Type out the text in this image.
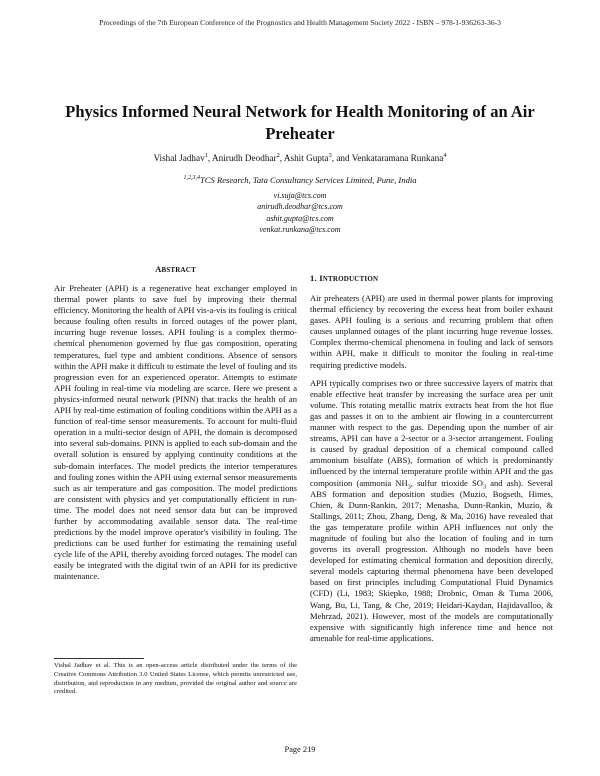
Proceedings of the 7th European Conference of the Prognostics and Health Management Society 2022 - ISBN – 978-1-936263-36-3
Physics Informed Neural Network for Health Monitoring of an Air Preheater
Vishal Jadhav$^1$, Anirudh Deodhar$^2$, Ashit Gupta$^3$, and Venkataramana Runkana$^4$
$^{1,2,3,4}$TCS Research, Tata Consultancy Services Limited, Pune, India
vi.suja@tcs.com
anirudh.deodhar@tcs.com
ashit.gupta@tcs.com
venkat.runkana@tcs.com
ABSTRACT

Air Preheater (APH) is a regenerative heat exchanger employed in thermal power plants to save fuel by improving their thermal efficiency. Monitoring the health of APH vis-a-vis its fouling is critical because fouling often results in forced outages of the power plant, incurring huge revenue losses. APH fouling is a complex thermo-chemical phenomenon governed by flue gas composition, operating temperatures, fuel type and ambient conditions. Absence of sensors within the APH make it difficult to estimate the level of fouling and its progression even for an experienced operator. Attempts to estimate APH fouling in real-time via modeling are scarce. Here we present a physics-informed neural network (PINN) that tracks the health of an APH by real-time estimation of fouling conditions within the APH as a function of real-time sensor measurements. To account for multi-fluid operation in a multi-sector design of APH, the domain is decomposed into several sub-domains. PINN is applied to each sub-domain and the overall solution is ensured by applying continuity conditions at the sub-domain interfaces. The model predicts the interior temperatures and fouling zones within the APH using external sensor measurements such as air temperature and gas composition. The model predictions are consistent with physics and yet computationally efficient in run-time. The model does not need sensor data but can be improved further by accommodating available sensor data. The real-time predictions by the model improve operator's visibility in fouling. The predictions can be used further for estimating the remaining useful cycle life of the APH, thereby avoiding forced outages. The model can easily be integrated with the digital twin of an APH for its predictive maintenance.

Vishal Jadhav et al. This is an open-access article distributed under the terms of the Creative Commons Attribution 3.0 United States License, which permits unrestricted use, distribution, and reproduction in any medium, provided the original author and source are credited.
1. INTRODUCTION

Air preheaters (APH) are used in thermal power plants for improving thermal efficiency by recovering the excess heat from boiler exhaust gases. APH fouling is a serious and recurring problem that often causes unplanned outages of the plant incurring huge revenue losses. Complex thermo-chemical phenomena in fouling and lack of sensors within APH, make it difficult to monitor the fouling in real-time requiring predictive models.

APH typically comprises two or three successive layers of matrix that enable effective heat transfer by increasing the surface area per unit volume. This rotating metallic matrix extracts heat from the hot flue gas and passes it on to the ambient air flowing in a countercurrent manner with respect to the gas. Depending upon the number of air streams, APH can have a 2-sector or a 3-sector arrangement. Fouling is caused by gradual deposition of a chemical compound called ammonium bisulfate (ABS), formation of which is predominantly influenced by the internal temperature profile within APH and the gas composition (ammonia $NH_3$, sulfur trioxide $SO_3$ and ash). Several ABS formation and deposition studies (Muzio, Bogseth, Himes, Chien, & Dunn-Rankin, 2017; Menasha, Dunn-Rankin, Muzio, & Stallings, 2011; Zhou, Zhang, Deng, & Ma, 2016) have revealed that the gas temperature profile within APH influences not only the magnitude of fouling but also the location of fouling and in turn governs its overall progression. Although no models have been developed for estimating chemical formation and deposition directly, several models capturing thermal phenomena have been developed based on first principles including Computational Fluid Dynamics (CFD) (Li, 1983; Skiepko, 1988; Drobnic, Oman & Tuma 2006, Wang, Bu, Li, Tang, & Che, 2019; Heidari-Kaydan, Hajidavalloo, & Mehrzad, 2021). However, most of the models are computationally expensive with significantly high inference time and hence not amenable for real-time applications.

Page 219
